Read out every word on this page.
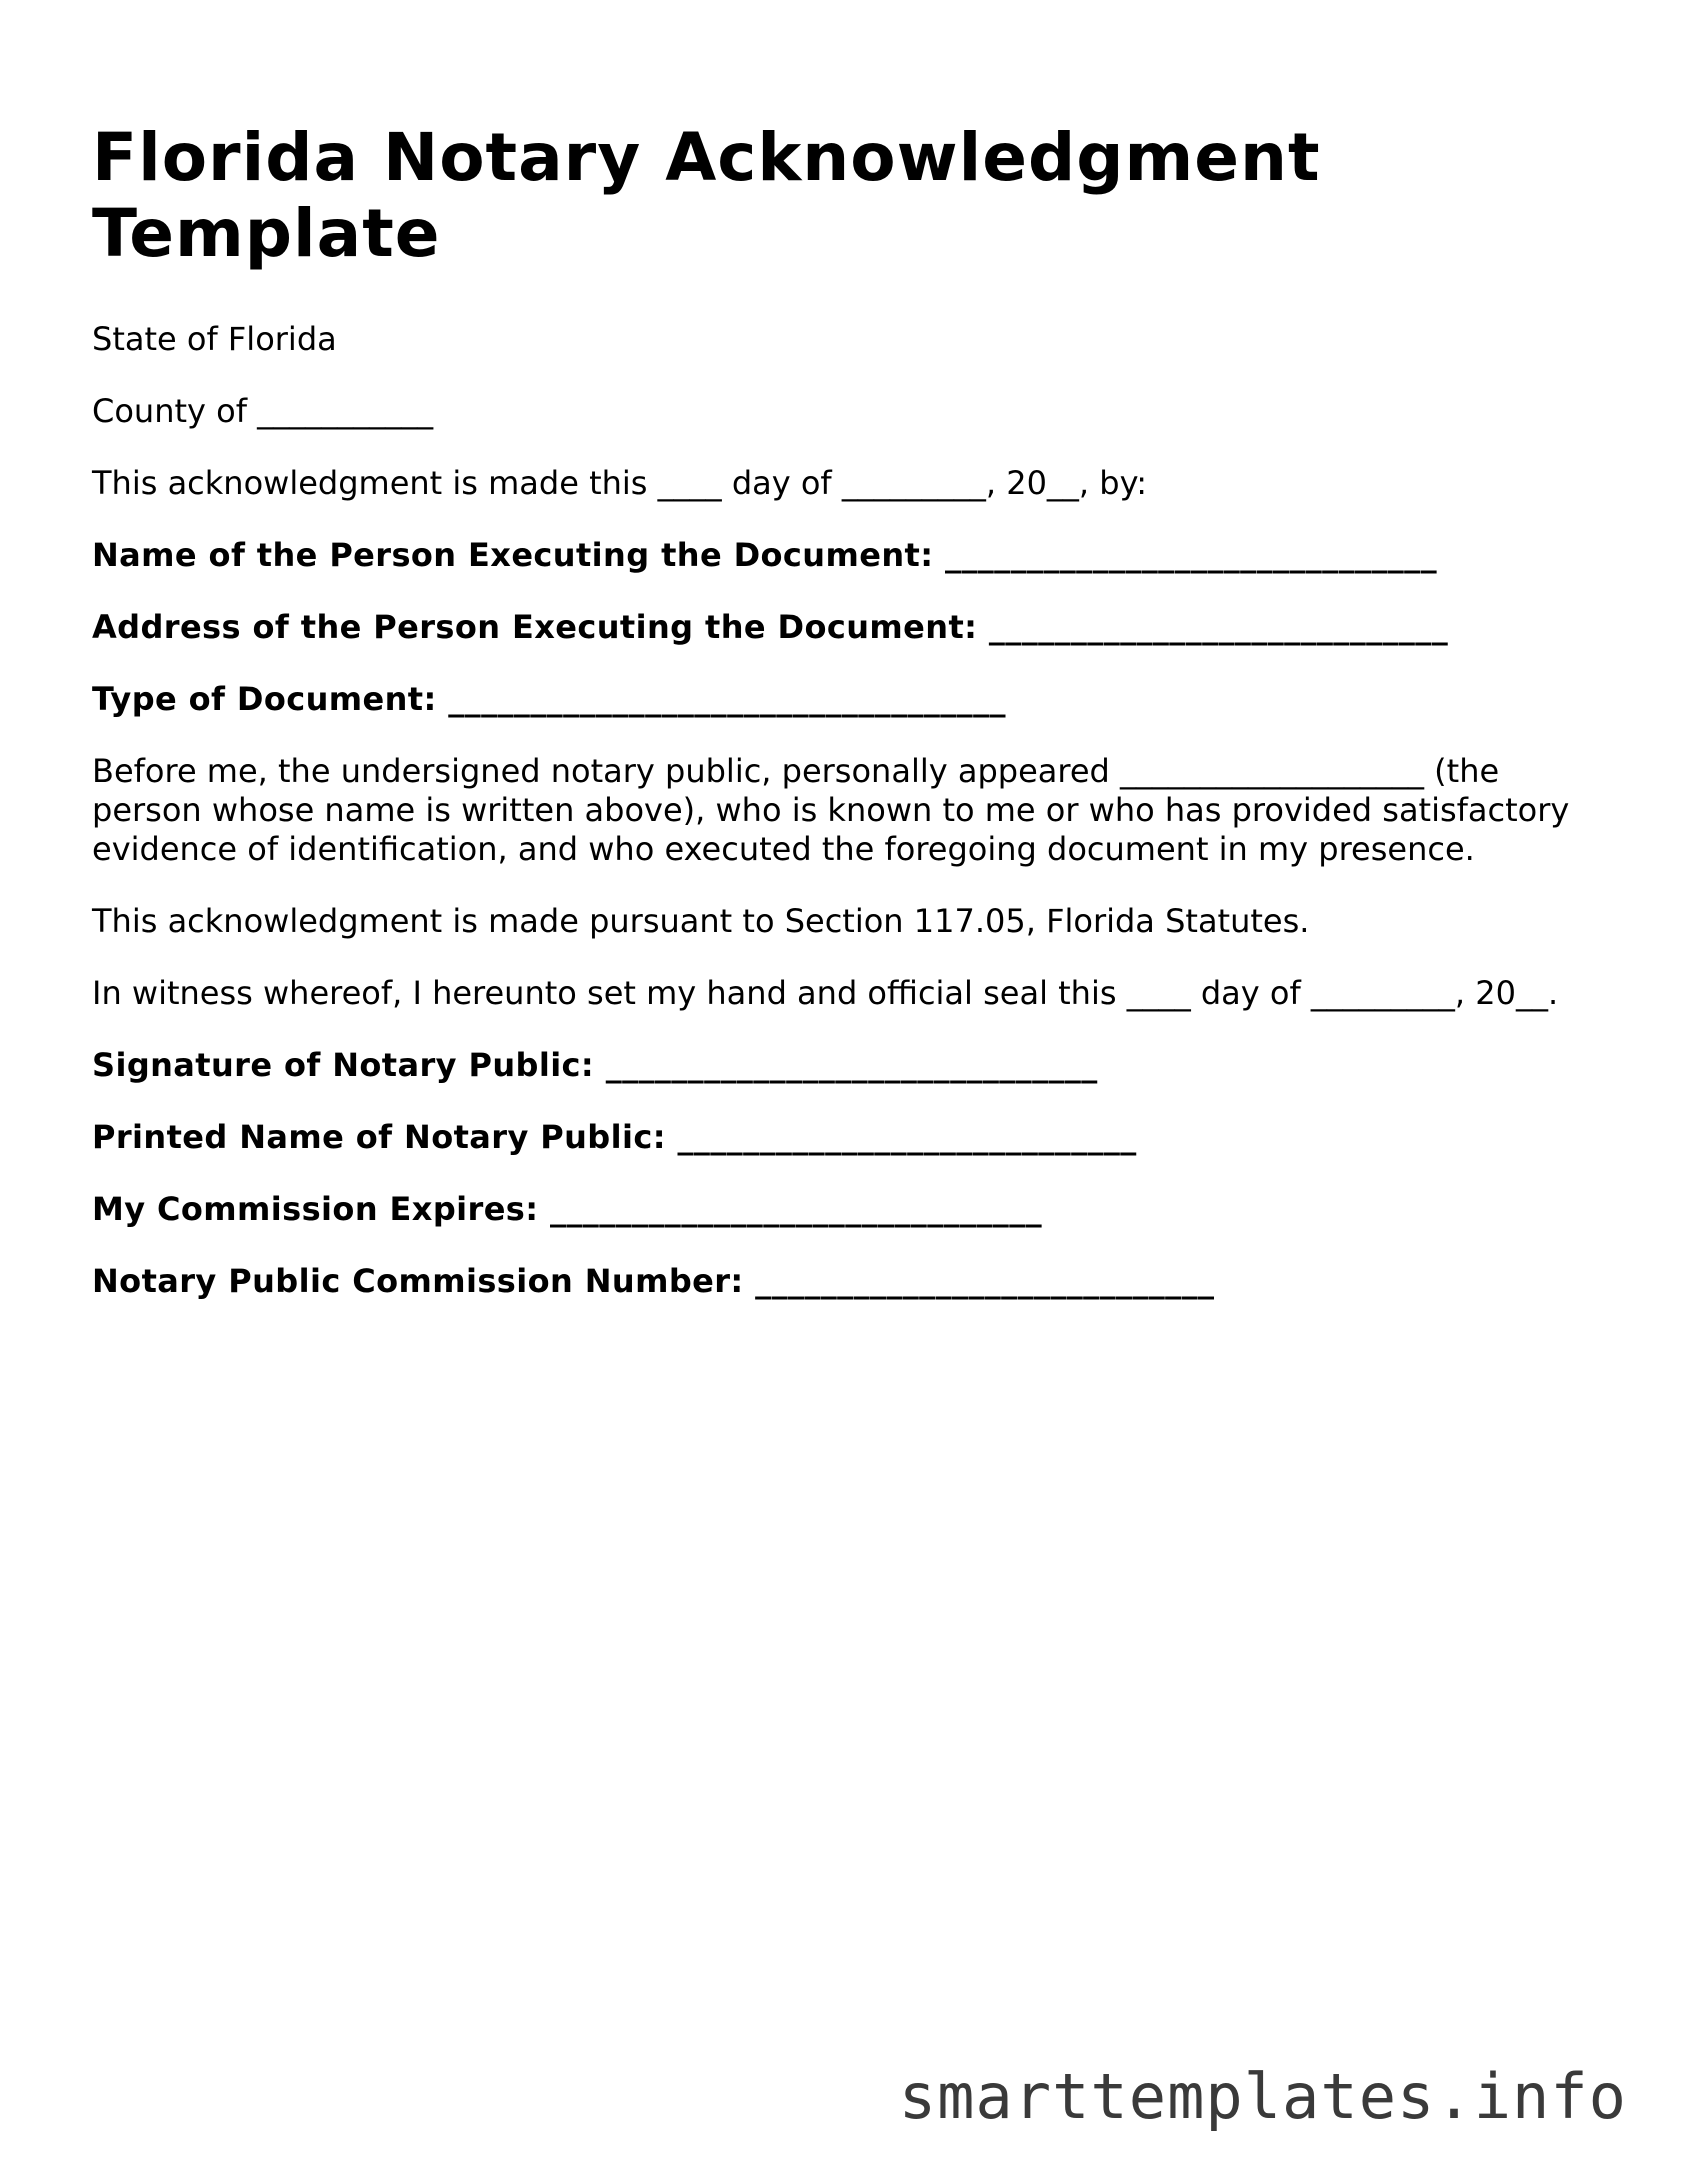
Florida Notary Acknowledgment Template

State of Florida

County of ___________

This acknowledgment is made this ____ day of _________, 20__, by:

Name of the Person Executing the Document: ______________________________

Address of the Person Executing the Document: ____________________________

Type of Document: __________________________________

Before me, the undersigned notary public, personally appeared ___________________ (the person whose name is written above), who is known to me or who has provided satisfactory evidence of identification, and who executed the foregoing document in my presence.

This acknowledgment is made pursuant to Section 117.05, Florida Statutes.

In witness whereof, I hereunto set my hand and official seal this ____ day of _________, 20__.

Signature of Notary Public: ______________________________

Printed Name of Notary Public: ____________________________

My Commission Expires: ______________________________

Notary Public Commission Number: ____________________________

smarttemplates.info
